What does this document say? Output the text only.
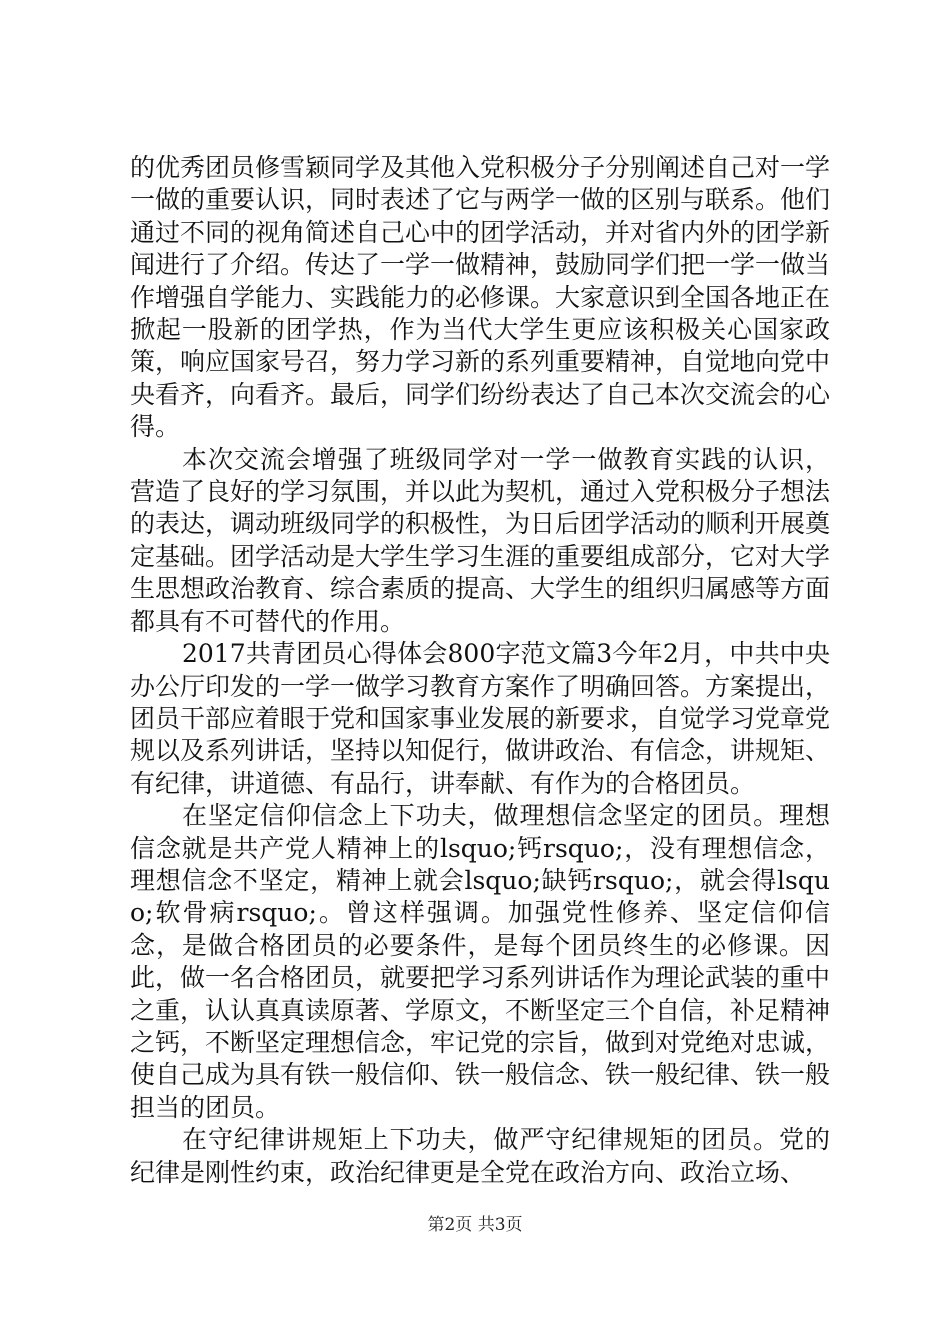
的优秀团员修雪颖同学及其他入党积极分子分别阐述自己对一学一做的重要认识，同时表述了它与两学一做的区别与联系。他们通过不同的视角简述自己心中的团学活动，并对省内外的团学新闻进行了介绍。传达了一学一做精神，鼓励同学们把一学一做当作增强自学能力、实践能力的必修课。大家意识到全国各地正在掀起一股新的团学热，作为当代大学生更应该积极关心国家政策，响应国家号召，努力学习新的系列重要精神，自觉地向党中央看齐，向看齐。最后，同学们纷纷表达了自己本次交流会的心得。

本次交流会增强了班级同学对一学一做教育实践的认识，营造了良好的学习氛围，并以此为契机，通过入党积极分子想法的表达，调动班级同学的积极性，为日后团学活动的顺利开展奠定基础。团学活动是大学生学习生涯的重要组成部分，它对大学生思想政治教育、综合素质的提高、大学生的组织归属感等方面都具有不可替代的作用。

2017共青团员心得体会800字范文篇3今年2月，中共中央办公厅印发的一学一做学习教育方案作了明确回答。方案提出，团员干部应着眼于党和国家事业发展的新要求，自觉学习党章党规以及系列讲话，坚持以知促行，做讲政治、有信念，讲规矩、有纪律，讲道德、有品行，讲奉献、有作为的合格团员。

在坚定信仰信念上下功夫，做理想信念坚定的团员。理想信念就是共产党人精神上的lsquo;钙rsquo;，没有理想信念，理想信念不坚定，精神上就会lsquo;缺钙rsquo;，就会得lsquo;软骨病rsquo;。曾这样强调。加强党性修养、坚定信仰信念，是做合格团员的必要条件，是每个团员终生的必修课。因此，做一名合格团员，就要把学习系列讲话作为理论武装的重中之重，认认真真读原著、学原文，不断坚定三个自信，补足精神之钙，不断坚定理想信念，牢记党的宗旨，做到对党绝对忠诚，使自己成为具有铁一般信仰、铁一般信念、铁一般纪律、铁一般担当的团员。

在守纪律讲规矩上下功夫，做严守纪律规矩的团员。党的纪律是刚性约束，政治纪律更是全党在政治方向、政治立场、

第2页 共3页
